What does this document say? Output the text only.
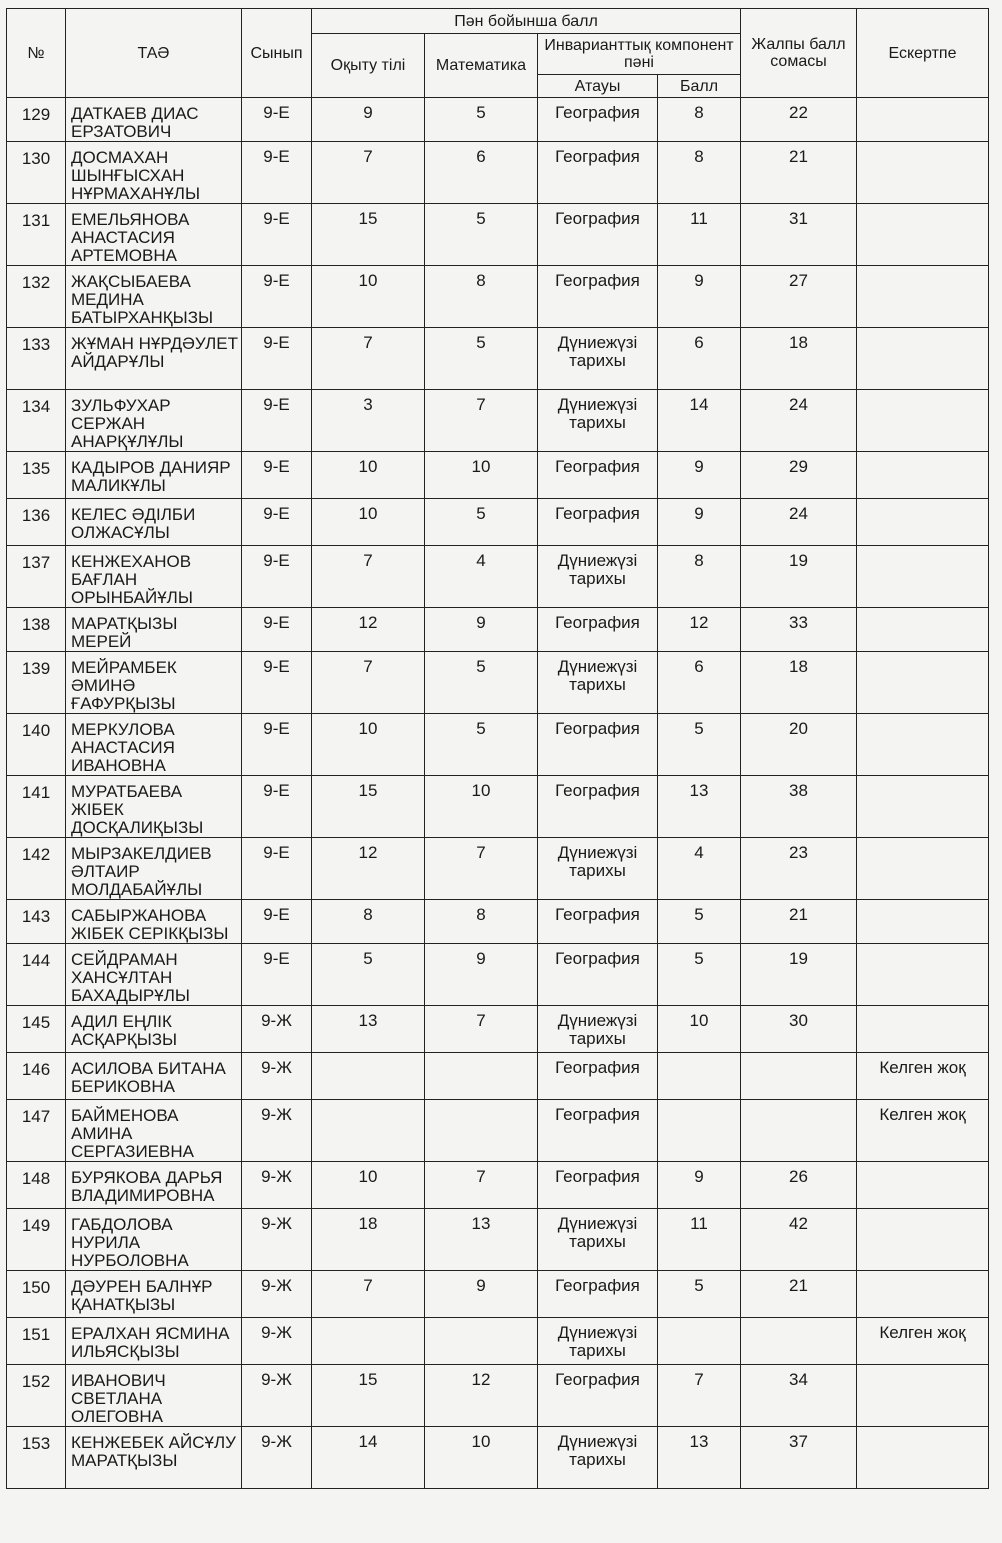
№	ТАӘ	Сынып	Пән бойынша балл				Жалпы балл сомасы	Ескертпе
			Оқыту тілі	Математика	Инварианттық компонент пәні			
					Атауы	Балл		
129	ДАТКАЕВ ДИАС ЕРЗАТОВИЧ	9-Е	9	5	География	8	22	
130	ДОСМАХАН ШЫНҒЫСХАН НҰРМАХАНҰЛЫ	9-Е	7	6	География	8	21	
131	ЕМЕЛЬЯНОВА АНАСТАСИЯ АРТЕМОВНА	9-Е	15	5	География	11	31	
132	ЖАҚСЫБАЕВА МЕДИНА БАТЫРХАНҚЫЗЫ	9-Е	10	8	География	9	27	
133	ЖҰМАН НҰРДӘУЛЕТ АЙДАРҰЛЫ	9-Е	7	5	Дүниежүзі тарихы	6	18	
134	ЗУЛЬФУХАР СЕРЖАН АНАРҚҰЛҰЛЫ	9-Е	3	7	Дүниежүзі тарихы	14	24	
135	КАДЫРОВ ДАНИЯР МАЛИКҰЛЫ	9-Е	10	10	География	9	29	
136	КЕЛЕС ӘДІЛБИ ОЛЖАСҰЛЫ	9-Е	10	5	География	9	24	
137	КЕНЖЕХАНОВ БАҒЛАН ОРЫНБАЙҰЛЫ	9-Е	7	4	Дүниежүзі тарихы	8	19	
138	МАРАТҚЫЗЫ МЕРЕЙ	9-Е	12	9	География	12	33	
139	МЕЙРАМБЕК ӘМИНӘ ҒАФУРҚЫЗЫ	9-Е	7	5	Дүниежүзі тарихы	6	18	
140	МЕРКУЛОВА АНАСТАСИЯ ИВАНОВНА	9-Е	10	5	География	5	20	
141	МУРАТБАЕВА ЖІБЕК ДОСҚАЛИҚЫЗЫ	9-Е	15	10	География	13	38	
142	МЫРЗАКЕЛДИЕВ ӘЛТАИР МОЛДАБАЙҰЛЫ	9-Е	12	7	Дүниежүзі тарихы	4	23	
143	САБЫРЖАНОВА ЖІБЕК СЕРІКҚЫЗЫ	9-Е	8	8	География	5	21	
144	СЕЙДРАМАН ХАНСҰЛТАН БАХАДЫРҰЛЫ	9-Е	5	9	География	5	19	
145	АДИЛ ЕҢЛІК АСҚАРҚЫЗЫ	9-Ж	13	7	Дүниежүзі тарихы	10	30	
146	АСИЛОВА БИТАНА БЕРИКОВНА	9-Ж			География			Келген жоқ
147	БАЙМЕНОВА АМИНА СЕРГАЗИЕВНА	9-Ж			География			Келген жоқ
148	БУРЯКОВА ДАРЬЯ ВЛАДИМИРОВНА	9-Ж	10	7	География	9	26	
149	ГАБДОЛОВА НУРИЛА НУРБОЛОВНА	9-Ж	18	13	Дүниежүзі тарихы	11	42	
150	ДӘУРЕН БАЛНҰР ҚАНАТҚЫЗЫ	9-Ж	7	9	География	5	21	
151	ЕРАЛХАН ЯСМИНА ИЛЬЯСҚЫЗЫ	9-Ж			Дүниежүзі тарихы			Келген жоқ
152	ИВАНОВИЧ СВЕТЛАНА ОЛЕГОВНА	9-Ж	15	12	География	7	34	
153	КЕНЖЕБЕК АЙСҰЛУ МАРАТҚЫЗЫ	9-Ж	14	10	Дүниежүзі тарихы	13	37	
